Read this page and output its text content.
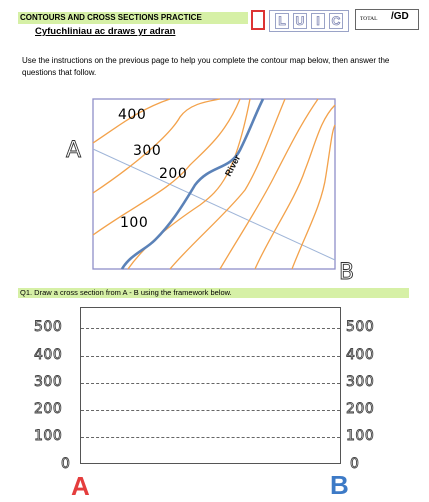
CONTOURS AND CROSS SECTIONS PRACTICE
Cyfuchliniau ac draws yr adran
L U	I C	TOTAL /GD
Use the instructions on the previous page to help you complete the contour map below, then answer the questions that follow.
River
400
300
200
100
A
B
Q1. Draw a cross section from A - B using the framework below.
500
400
300
200
100
0
500
400
300
200
100
0
A	B
